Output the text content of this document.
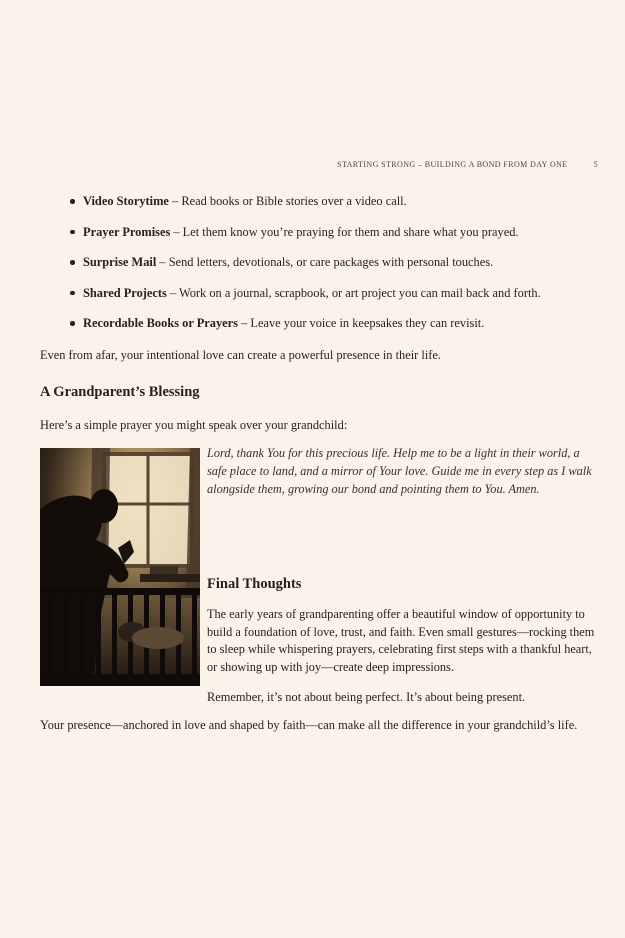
STARTING STRONG – BUILDING A BOND FROM DAY ONE	5
Video Storytime – Read books or Bible stories over a video call.
Prayer Promises – Let them know you’re praying for them and share what you prayed.
Surprise Mail – Send letters, devotionals, or care packages with personal touches.
Shared Projects – Work on a journal, scrapbook, or art project you can mail back and forth.
Recordable Books or Prayers – Leave your voice in keepsakes they can revisit.
Even from afar, your intentional love can create a powerful presence in their life.
A Grandparent’s Blessing
Here’s a simple prayer you might speak over your grandchild:
Lord, thank You for this precious life. Help me to be a light in their world, a safe place to land, and a mirror of Your love. Guide me in every step as I walk alongside them, growing our bond and pointing them to You. Amen.
Final Thoughts
The early years of grandparenting offer a beautiful window of opportunity to build a foundation of love, trust, and faith. Even small gestures—rocking them to sleep while whispering prayers, celebrating first steps with a thankful heart, or showing up with joy—create deep impressions.
Remember, it’s not about being perfect. It’s about being present.
Your presence—anchored in love and shaped by faith—can make all the difference in your grandchild’s life.
